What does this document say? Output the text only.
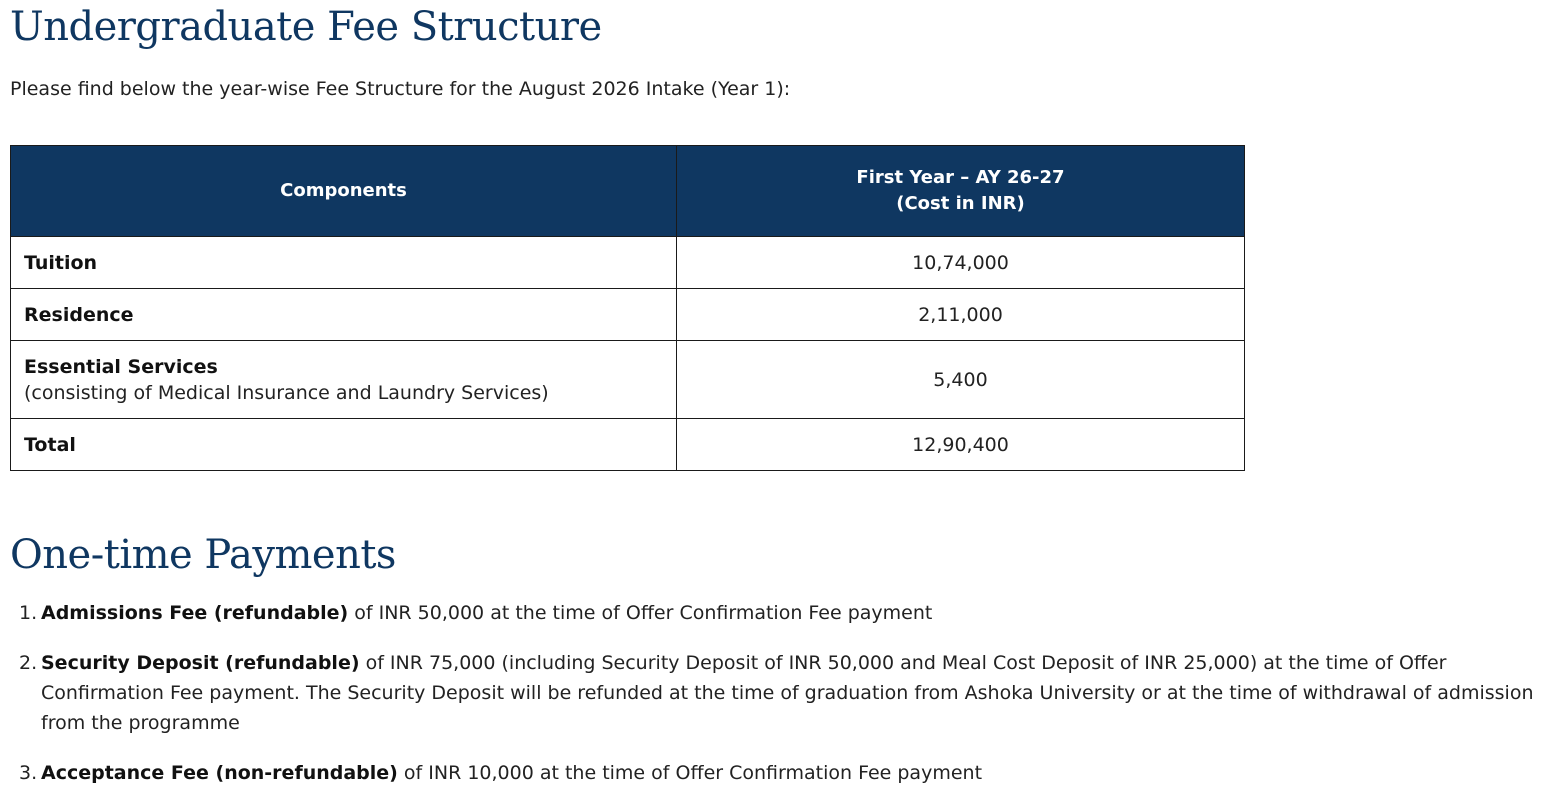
Undergraduate Fee Structure

Please find below the year-wise Fee Structure for the August 2026 Intake (Year 1):

Components	First Year – AY 26-27
(Cost in INR)
Tuition	10,74,000
Residence	2,11,000
Essential Services
(consisting of Medical Insurance and Laundry Services)	5,400
Total	12,90,400
One-time Payments
1. Admissions Fee (refundable) of INR 50,000 at the time of Offer Confirmation Fee payment
2. Security Deposit (refundable) of INR 75,000 (including Security Deposit of INR 50,000 and Meal Cost Deposit of INR 25,000) at the time of Offer Confirmation Fee payment. The Security Deposit will be refunded at the time of graduation from Ashoka University or at the time of withdrawal of admission from the programme
3. Acceptance Fee (non-refundable) of INR 10,000 at the time of Offer Confirmation Fee payment
